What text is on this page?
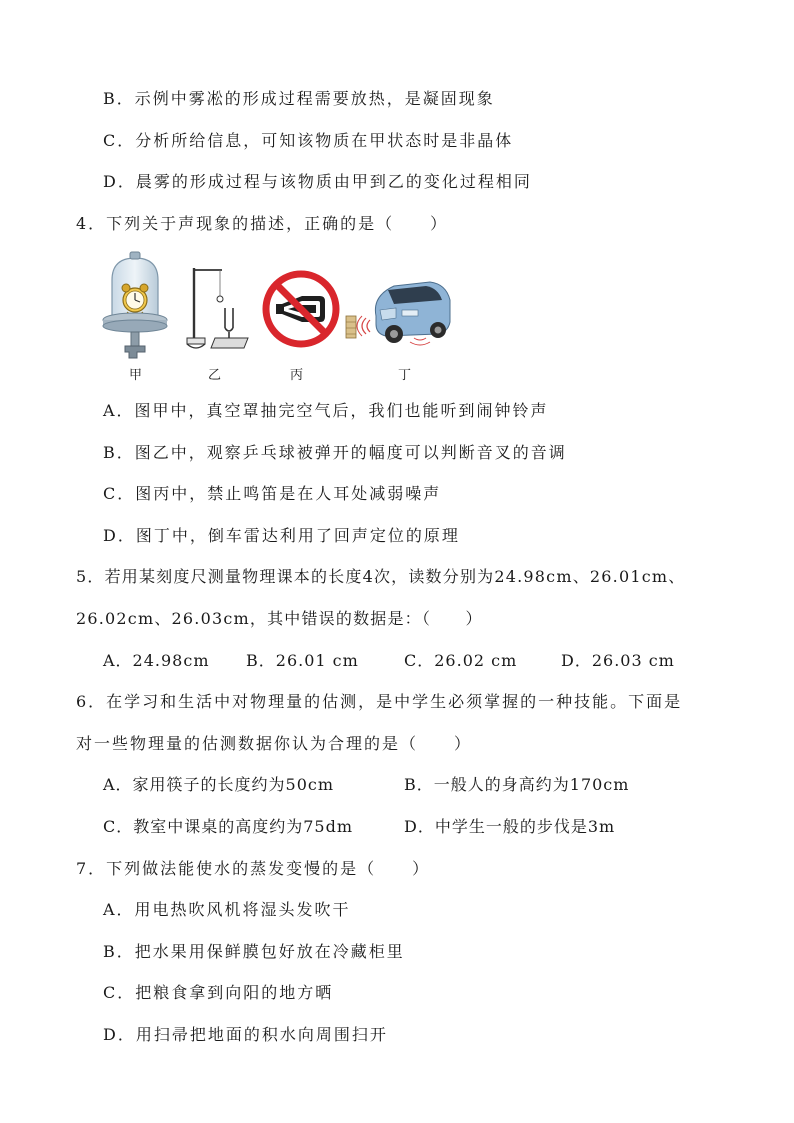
B．示例中雾凇的形成过程需要放热，是凝固现象
C．分析所给信息，可知该物质在甲状态时是非晶体
D．晨雾的形成过程与该物质由甲到乙的变化过程相同
4．下列关于声现象的描述，正确的是（　　）
甲	乙	丙	丁
A．图甲中，真空罩抽完空气后，我们也能听到闹钟铃声
B．图乙中，观察乒乓球被弹开的幅度可以判断音叉的音调
C．图丙中，禁止鸣笛是在人耳处减弱噪声
D．图丁中，倒车雷达利用了回声定位的原理
5．若用某刻度尺测量物理课本的长度4次，读数分别为24.98cm、26.01cm、
26.02cm、26.03cm，其中错误的数据是：（　　）
A．24.98cm B．26.01 cm	C．26.02 cm	D．26.03 cm
6．在学习和生活中对物理量的估测，是中学生必须掌握的一种技能。下面是
对一些物理量的估测数据你认为合理的是（　　）
A．家用筷子的长度约为50cm	B．一般人的身高约为170cm
C．教室中课桌的高度约为75dm	D．中学生一般的步伐是3m
7．下列做法能使水的蒸发变慢的是（　　）
A．用电热吹风机将湿头发吹干
B．把水果用保鲜膜包好放在冷藏柜里
C．把粮食拿到向阳的地方晒
D．用扫帚把地面的积水向周围扫开
